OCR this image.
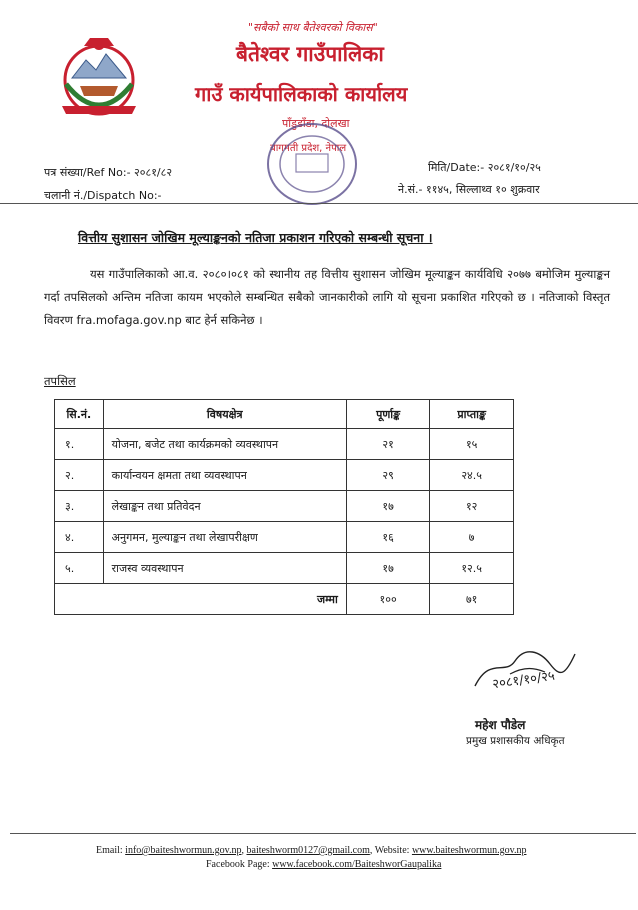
"सबैको साथ बैतेश्वरको विकास"
बैतेश्वर गाउँपालिका
गाउँ कार्यपालिकाको कार्यालय
पाँडुडाँडा, दोलखा
बागमती प्रदेश, नेपाल
पत्र संख्या/Ref No:- २०८१/८२
चलानी नं./Dispatch No:-
मिति/Date:- २०८१/१०/२५
ने.सं.- ११४५, सिल्लाथ्व १० शुक्रवार
वित्तीय सुशासन जोखिम मूल्याङ्कनको नतिजा प्रकाशन गरिएको सम्बन्धी सूचना ।
यस गाउँपालिकाको आ.व. २०८०।०८१ को स्थानीय तह वित्तीय सुशासन जोखिम मूल्याङ्कन कार्यविधि २०७७ बमोजिम मुल्याङ्कन गर्दा तपसिलको अन्तिम नतिजा कायम भएकोले सम्बन्धित सबैको जानकारीको लागि यो सूचना प्रकाशित गरिएको छ । नतिजाको विस्तृत विवरण fra.mofaga.gov.np बाट हेर्न सकिनेछ ।
तपसिल
सि.नं.	विषयक्षेत्र	पूर्णाङ्क	प्राप्ताङ्क
१.	योजना, बजेट तथा कार्यक्रमको व्यवस्थापन	२१	१५
२.	कार्यान्वयन क्षमता तथा व्यवस्थापन	२९	२४.५
३.	लेखाङ्कन तथा प्रतिवेदन	१७	१२
४.	अनुगमन, मुल्याङ्कन तथा लेखापरीक्षण	१६	७
५.	राजस्व व्यवस्थापन	१७	१२.५
जम्मा		१००	७१
२०८१/१०/२५
महेश पौडेल
प्रमुख प्रशासकीय अधिकृत
Email: info@baiteshwormun.gov.np, baiteshworm0127@gmail.com, Website: www.baiteshwormun.gov.np
Facebook Page: www.facebook.com/BaiteshworGaupalika
